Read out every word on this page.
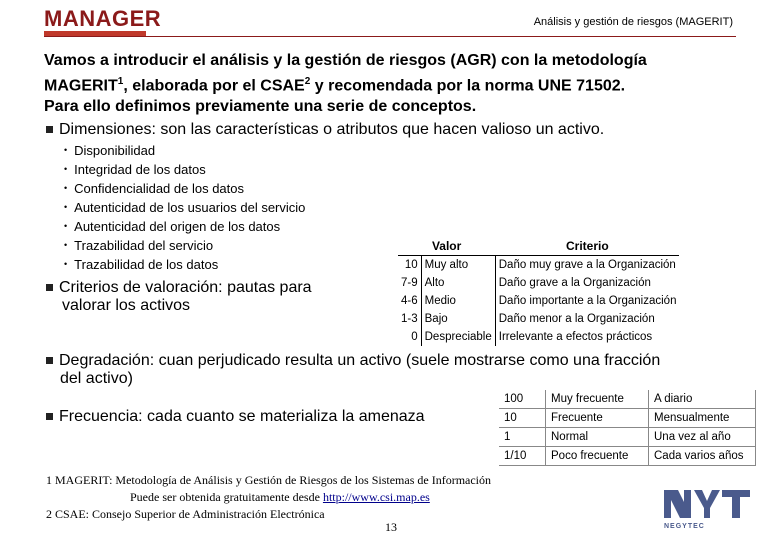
MANAGER	Análisis y gestión de riesgos (MAGERIT)
Vamos a introducir el análisis y la gestión de riesgos (AGR) con la metodología
MAGERIT$^1$, elaborada por el CSAE$^2$ y recomendada por la norma UNE 71502.
Para ello definimos previamente una serie de conceptos.
Dimensiones: son las características o atributos que hacen valioso un activo.
• Disponibilidad
• Integridad de los datos
• Confidencialidad de los datos
• Autenticidad de los usuarios del servicio
• Autenticidad del origen de los datos
• Trazabilidad del servicio
• Trazabilidad de los datos
Criterios de valoración: pautas para
valorar los activos
Valor		Criterio
10	Muy alto	Daño muy grave a la Organización
7-9	Alto	Daño grave a la Organización
4-6	Medio	Daño importante a la Organización
1-3	Bajo	Daño menor a la Organización
0	Despreciable	Irrelevante a efectos prácticos
Degradación: cuan perjudicado resulta un activo (suele mostrarse como una fracción
del activo)
Frecuencia: cada cuanto se materializa la amenaza
100	Muy frecuente	A diario
10	Frecuente	Mensualmente
1	Normal	Una vez al año
1/10	Poco frecuente	Cada varios años
1 MAGERIT: Metodología de Análisis y Gestión de Riesgos de los Sistemas de Información
Puede ser obtenida gratuitamente desde http://www.csi.map.es
2 CSAE: Consejo Superior de Administración Electrónica
13	NEGYTEC
